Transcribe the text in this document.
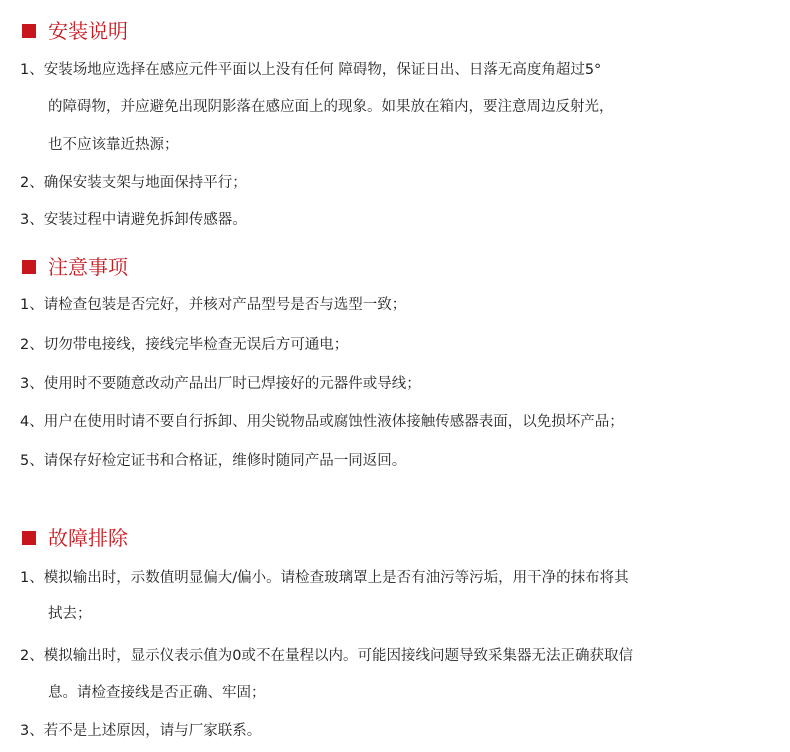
安装说明
1、安装场地应选择在感应元件平面以上没有任何 障碍物，保证日出、日落无高度角超过5°
的障碍物，并应避免出现阴影落在感应面上的现象。如果放在箱内，要注意周边反射光，
也不应该靠近热源；
2、确保安装支架与地面保持平行；
3、安装过程中请避免拆卸传感器。
注意事项
1、请检查包装是否完好，并核对产品型号是否与选型一致；
2、切勿带电接线，接线完毕检查无误后方可通电；
3、使用时不要随意改动产品出厂时已焊接好的元器件或导线；
4、用户在使用时请不要自行拆卸、用尖锐物品或腐蚀性液体接触传感器表面，以免损坏产品；
5、请保存好检定证书和合格证，维修时随同产品一同返回。
故障排除
1、模拟输出时，示数值明显偏大/偏小。请检查玻璃罩上是否有油污等污垢，用干净的抹布将其
拭去；
2、模拟输出时，显示仪表示值为0或不在量程以内。可能因接线问题导致采集器无法正确获取信
息。请检查接线是否正确、牢固；
3、若不是上述原因，请与厂家联系。
